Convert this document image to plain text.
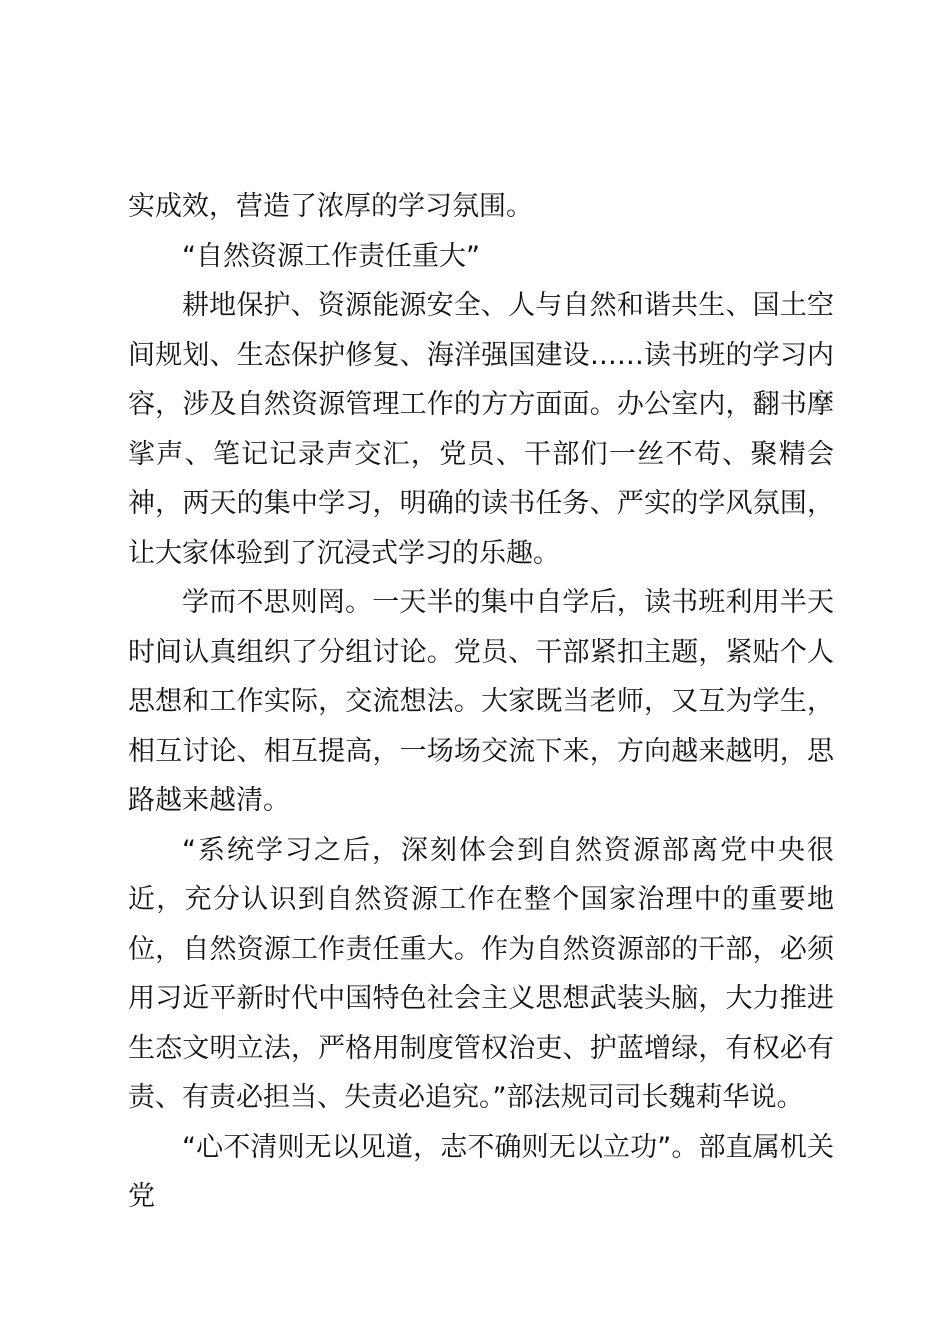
实成效，营造了浓厚的学习氛围。

“自然资源工作责任重大”

耕地保护、资源能源安全、人与自然和谐共生、国土空间规划、生态保护修复、海洋强国建设……读书班的学习内容，涉及自然资源管理工作的方方面面。办公室内，翻书摩挲声、笔记记录声交汇，党员、干部们一丝不苟、聚精会神，两天的集中学习，明确的读书任务、严实的学风氛围，让大家体验到了沉浸式学习的乐趣。

学而不思则罔。一天半的集中自学后，读书班利用半天时间认真组织了分组讨论。党员、干部紧扣主题，紧贴个人思想和工作实际，交流想法。大家既当老师，又互为学生，相互讨论、相互提高，一场场交流下来，方向越来越明，思路越来越清。

“系统学习之后，深刻体会到自然资源部离党中央很近，充分认识到自然资源工作在整个国家治理中的重要地位，自然资源工作责任重大。作为自然资源部的干部，必须用习近平新时代中国特色社会主义思想武装头脑，大力推进生态文明立法，严格用制度管权治吏、护蓝增绿，有权必有责、有责必担当、失责必追究。”部法规司司长魏莉华说。

“心不清则无以见道，志不确则无以立功”。部直属机关党
